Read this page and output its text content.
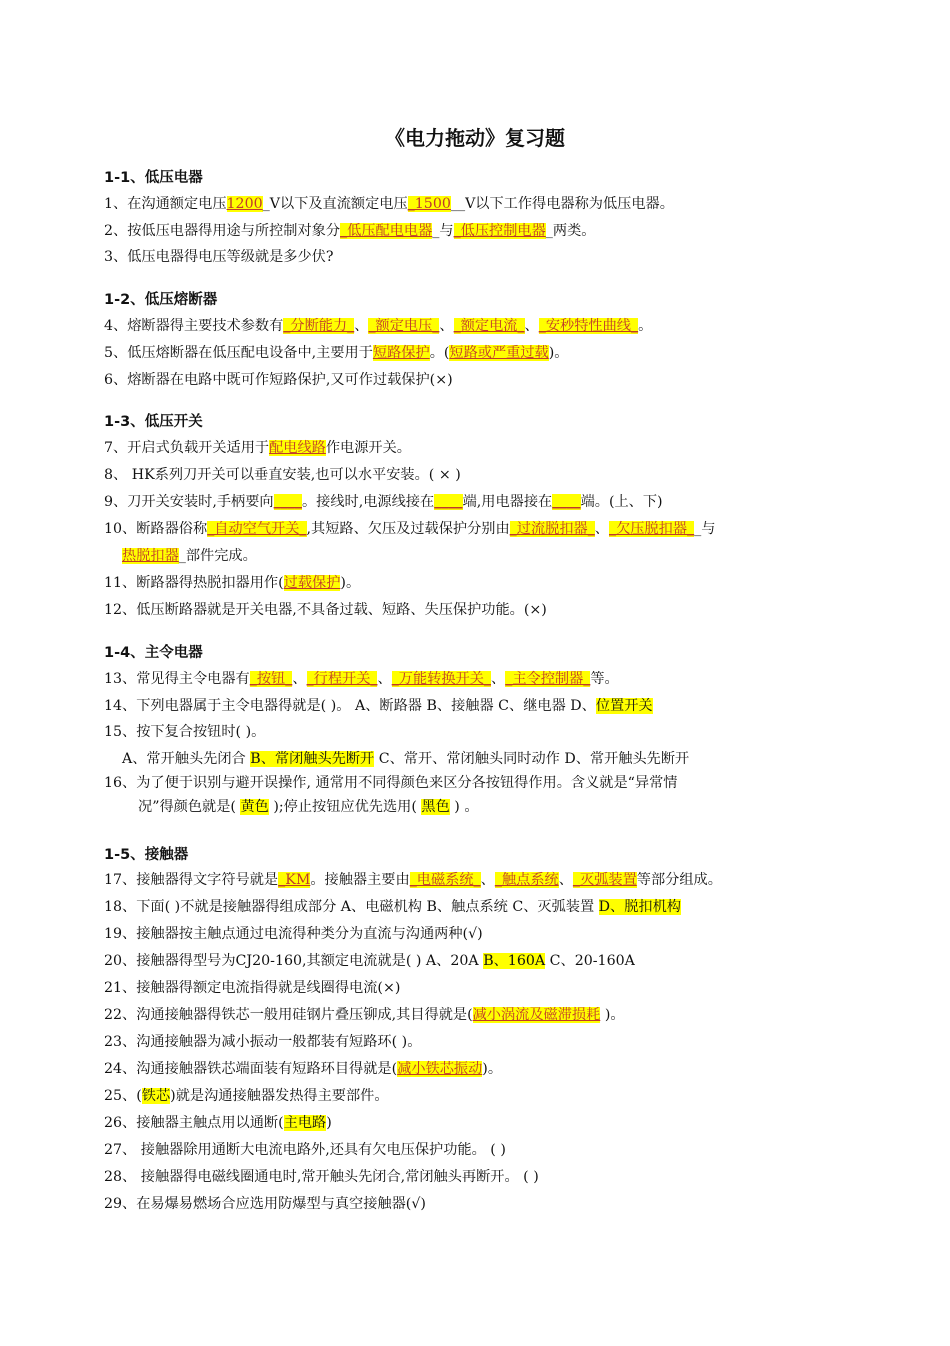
《电力拖动》复习题
1-1、低压电器
1、在沟通额定电压1200_V以下及直流额定电压_1500__V以下工作得电器称为低压电器。
2、按低压电器得用途与所控制对象分_低压配电电器_与_低压控制电器_两类。
3、低压电器得电压等级就是多少伏?
1-2、低压熔断器
4、熔断器得主要技术参数有_分断能力_、_额定电压_、_额定电流_、_安秒特性曲线_。
5、低压熔断器在低压配电设备中,主要用于短路保护。(短路或严重过载)。
6、熔断器在电路中既可作短路保护,又可作过载保护(×)
1-3、低压开关
7、开启式负载开关适用于配电线路作电源开关。
8、 HK系列刀开关可以垂直安装,也可以水平安装。( × )
9、刀开关安装时,手柄要向____。接线时,电源线接在____端,用电器接在____端。(上、下)
10、断路器俗称_自动空气开关_,其短路、欠压及过载保护分别由_过流脱扣器_、_欠压脱扣器__与
热脱扣器_部件完成。
11、断路器得热脱扣器用作(过载保护)。
12、低压断路器就是开关电器,不具备过载、短路、失压保护功能。(×)
1-4、主令电器
13、常见得主令电器有_按钮_、_行程开关_、_万能转换开关_、_主令控制器_等。
14、下列电器属于主令电器得就是( )。 A、断路器 B、接触器 C、继电器 D、位置开关
15、按下复合按钮时( )。
A、常开触头先闭合 B、常闭触头先断开 C、常开、常闭触头同时动作 D、常开触头先断开
16、为了便于识别与避开误操作, 通常用不同得颜色来区分各按钮得作用。含义就是“异常情
况”得颜色就是( 黄色 );停止按钮应优先选用( 黑色 ) 。
1-5、接触器
17、接触器得文字符号就是_KM。接触器主要由_电磁系统_、_触点系统、_灭弧装置等部分组成。
18、下面( )不就是接触器得组成部分 A、电磁机构 B、触点系统 C、灭弧装置 D、脱扣机构
19、接触器按主触点通过电流得种类分为直流与沟通两种(√)
20、接触器得型号为CJ20-160,其额定电流就是( ) A、20A B、160A C、20-160A
21、接触器得额定电流指得就是线圈得电流(×)
22、沟通接触器得铁芯一般用硅钢片叠压铆成,其目得就是(减小涡流及磁滞损耗 )。
23、沟通接触器为减小振动一般都装有短路环( )。
24、沟通接触器铁芯端面装有短路环目得就是(减小铁芯振动)。
25、(铁芯)就是沟通接触器发热得主要部件。
26、接触器主触点用以通断(主电路)
27、 接触器除用通断大电流电路外,还具有欠电压保护功能。 ( )
28、 接触器得电磁线圈通电时,常开触头先闭合,常闭触头再断开。 ( )
29、在易爆易燃场合应选用防爆型与真空接触器(√)
